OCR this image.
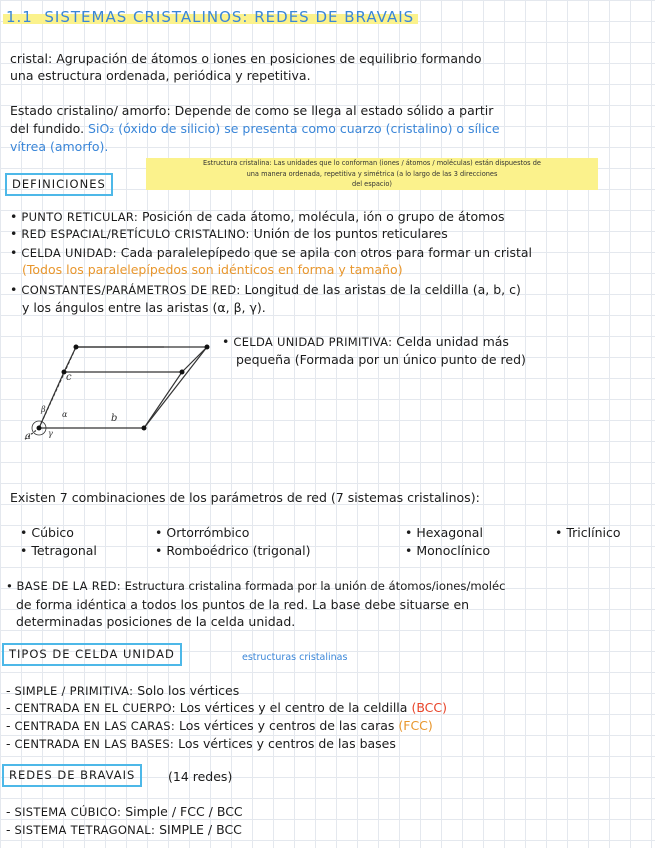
1.1 SISTEMAS CRISTALINOS: REDES DE BRAVAIS
cristal: Agrupación de átomos o iones en posiciones de equilibrio formando
una estructura ordenada, periódica y repetitiva.
Estado cristalino/ amorfo: Depende de como se llega al estado sólido a partir
del fundido. SiO₂ (óxido de silicio) se presenta como cuarzo (cristalino) o sílice
vítrea (amorfo).
Estructura cristalina: Las unidades que lo conforman (iones / átomos / moléculas) están dispuestos de
una manera ordenada, repetitiva y simétrica (a lo largo de las 3 direcciones
del espacio)
DEFINICIONES
• PUNTO RETICULAR: Posición de cada átomo, molécula, ión o grupo de átomos
• RED ESPACIAL/RETÍCULO CRISTALINO: Unión de los puntos reticulares
• CELDA UNIDAD: Cada paralelepípedo que se apila con otros para formar un cristal
(Todos los paralelepípedos son idénticos en forma y tamaño)
• CONSTANTES/PARÁMETROS DE RED: Longitud de las aristas de la celdilla (a, b, c)
y los ángulos entre las aristas (α, β, γ).
a
b
c
α
β
γ
• CELDA UNIDAD PRIMITIVA: Celda unidad más
pequeña (Formada por un único punto de red)
Existen 7 combinaciones de los parámetros de red (7 sistemas cristalinos):
• Cúbico	• Ortorrómbico	• Hexagonal	• Triclínico
• Tetragonal	• Romboédrico (trigonal)	• Monoclínico
• BASE DE LA RED: Estructura cristalina formada por la unión de átomos/iones/moléc
de forma idéntica a todos los puntos de la red. La base debe situarse en
determinadas posiciones de la celda unidad.
TIPOS DE CELDA UNIDAD	estructuras cristalinas
- SIMPLE / PRIMITIVA: Solo los vértices
- CENTRADA EN EL CUERPO: Los vértices y el centro de la celdilla (BCC)
- CENTRADA EN LAS CARAS: Los vértices y centros de las caras (FCC)
- CENTRADA EN LAS BASES: Los vértices y centros de las bases
REDES DE BRAVAIS	(14 redes)
- SISTEMA CÚBICO: Simple / FCC / BCC
- SISTEMA TETRAGONAL: SIMPLE / BCC
